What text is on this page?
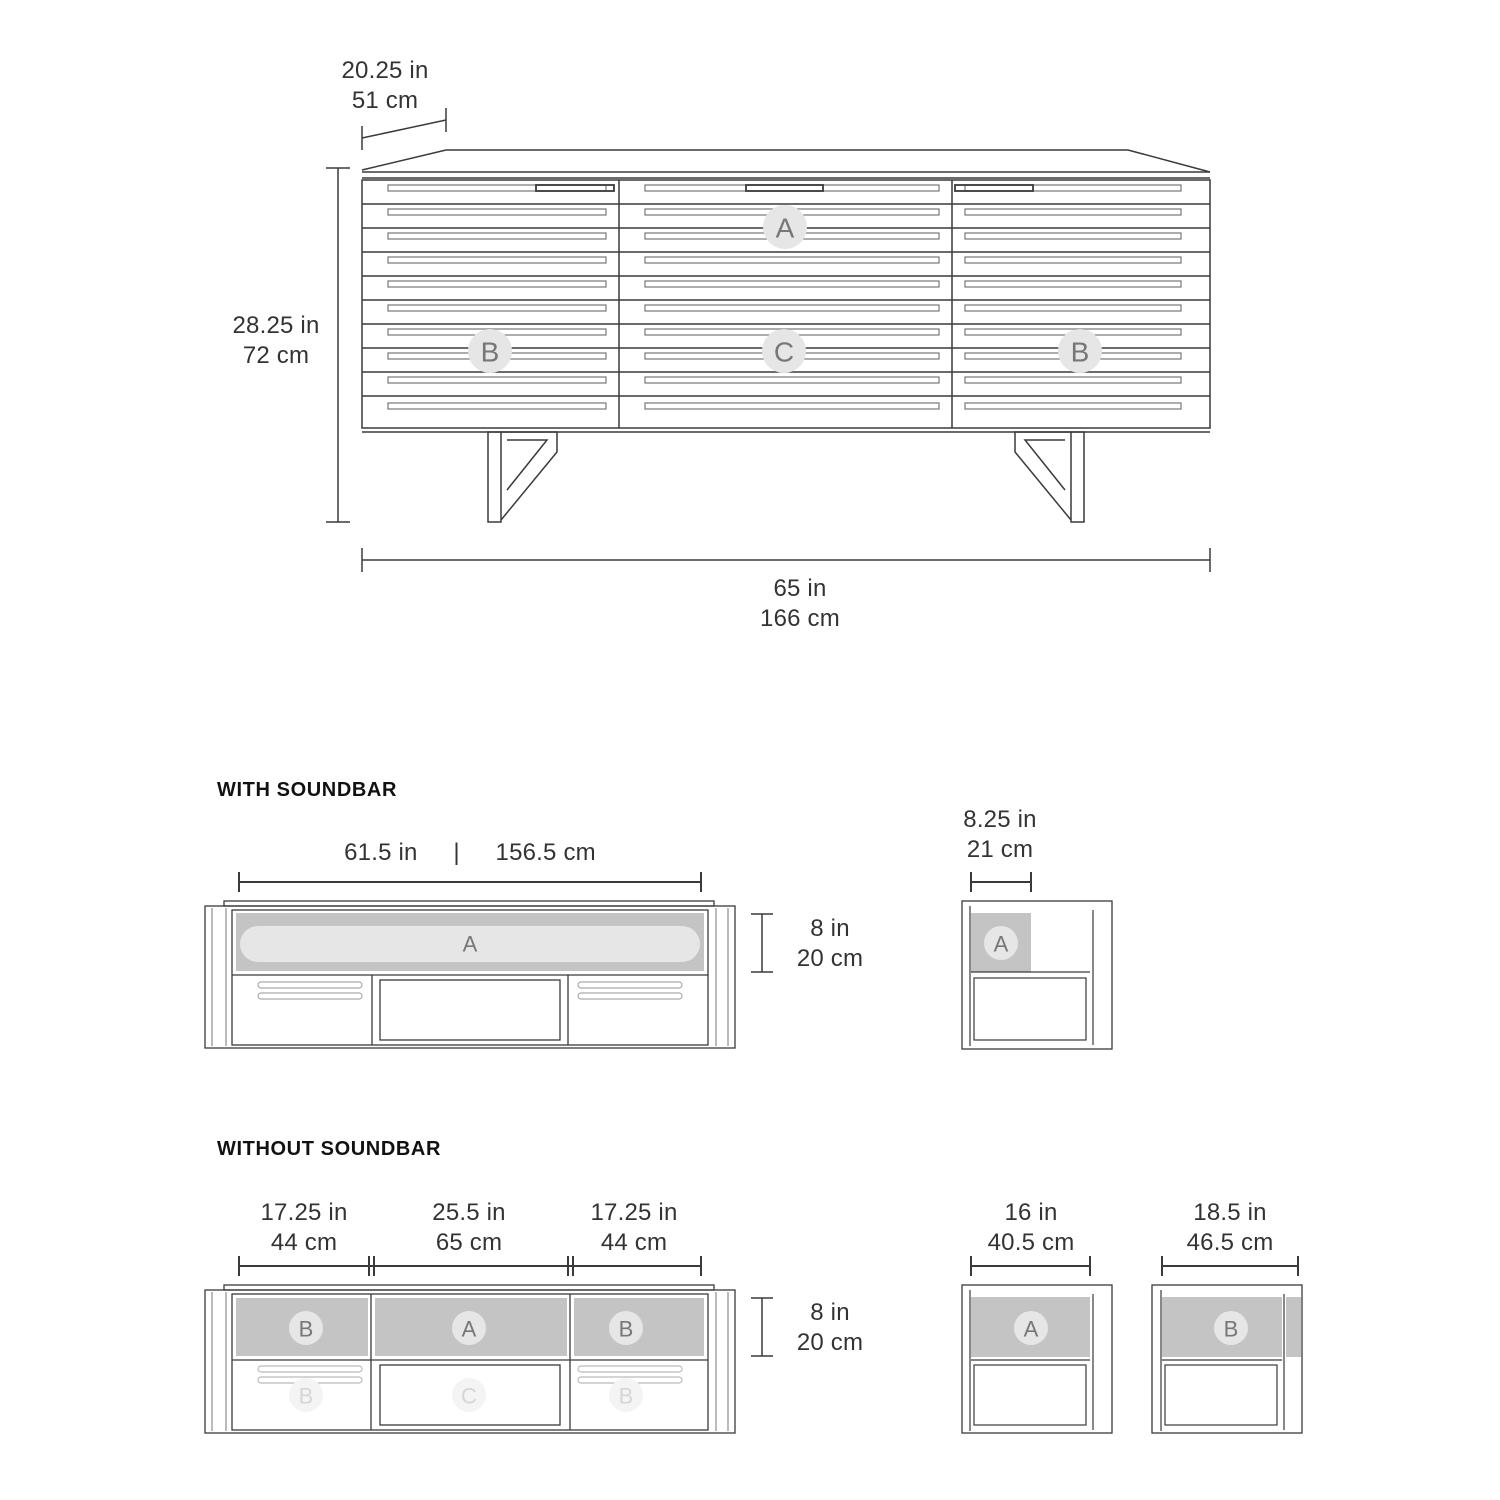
A
B	C	B
A	A
B	A	B
B	C	B
A	B
20.25 in
51 cm
28.25 in
72 cm
65 in
166 cm
WITH SOUNDBAR
61.5 in | 156.5 cm
8 in
20 cm
8.25 in
21 cm
WITHOUT SOUNDBAR
17.25 in
44 cm
25.5 in
65 cm
17.25 in
44 cm
8 in
20 cm
16 in
40.5 cm
18.5 in
46.5 cm
